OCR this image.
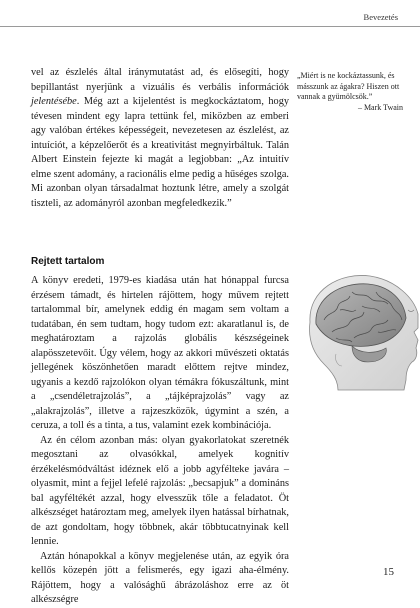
Bevezetés

vel az észlelés által iránymutatást ad, és elősegíti, hogy bepillantást nyerjünk a vizuális és verbális információk jelentésébe. Még azt a kijelentést is megkockáztatom, hogy tévesen mindent egy lapra tettünk fel, miközben az emberi agy valóban értékes képességeit, nevezetesen az észlelést, az intuíciót, a képzelőerőt és a kreativitást megnyirbáltuk. Talán Albert Einstein fejezte ki magát a legjobban: „Az intuitív elme szent adomány, a racionális elme pedig a hűséges szolga. Mi azonban olyan társadalmat hoztunk létre, amely a szolgát tiszteli, az adományról azonban megfeledkezik.”

Rejtett tartalom

A könyv eredeti, 1979-es kiadása után hat hónappal furcsa érzésem támadt, és hirtelen rájöttem, hogy művem rejtett tartalommal bír, amelynek eddig én magam sem voltam a tudatában, én sem tudtam, hogy tudom ezt: akaratlanul is, de meghatároztam a rajzolás globális készségeinek alapösszetevőit. Úgy vélem, hogy az akkori művészeti oktatás jellegének köszönhetően maradt előttem rejtve mindez, ugyanis a kezdő rajzolókon olyan témákra fókuszáltunk, mint a „csendéletrajzolás”, a „tájképrajzolás” vagy az „alakrajzolás”, illetve a rajzeszközök, úgymint a szén, a ceruza, a toll és a tinta, a tus, valamint ezek kombinációja.

Az én célom azonban más: olyan gyakorlatokat szeretnék megosztani az olvasókkal, amelyek kognitív érzékelésmódváltást idéznek elő a jobb agyféltekе javára – olyasmit, mint a fejjel lefelé rajzolás: „becsapjuk” a domináns bal agyféltékét azzal, hogy elvesszük tőle a feladatot. Öt alkészséget határoztam meg, amelyek ilyen hatással bírhatnak, de azt gondoltam, hogy többnek, akár többtucatnyinak kell lennie.

Aztán hónapokkal a könyv megjelenése után, az egyik óra kellős közepén jött a felismerés, egy igazi aha-élmény. Rájöttem, hogy a valósághű ábrázoláshoz erre az öt alkészségre

„Miért is ne kockáztassunk, és másszunk az ágakra? Hiszen ott vannak a gyümölcsök.”

– Mark Twain
15
